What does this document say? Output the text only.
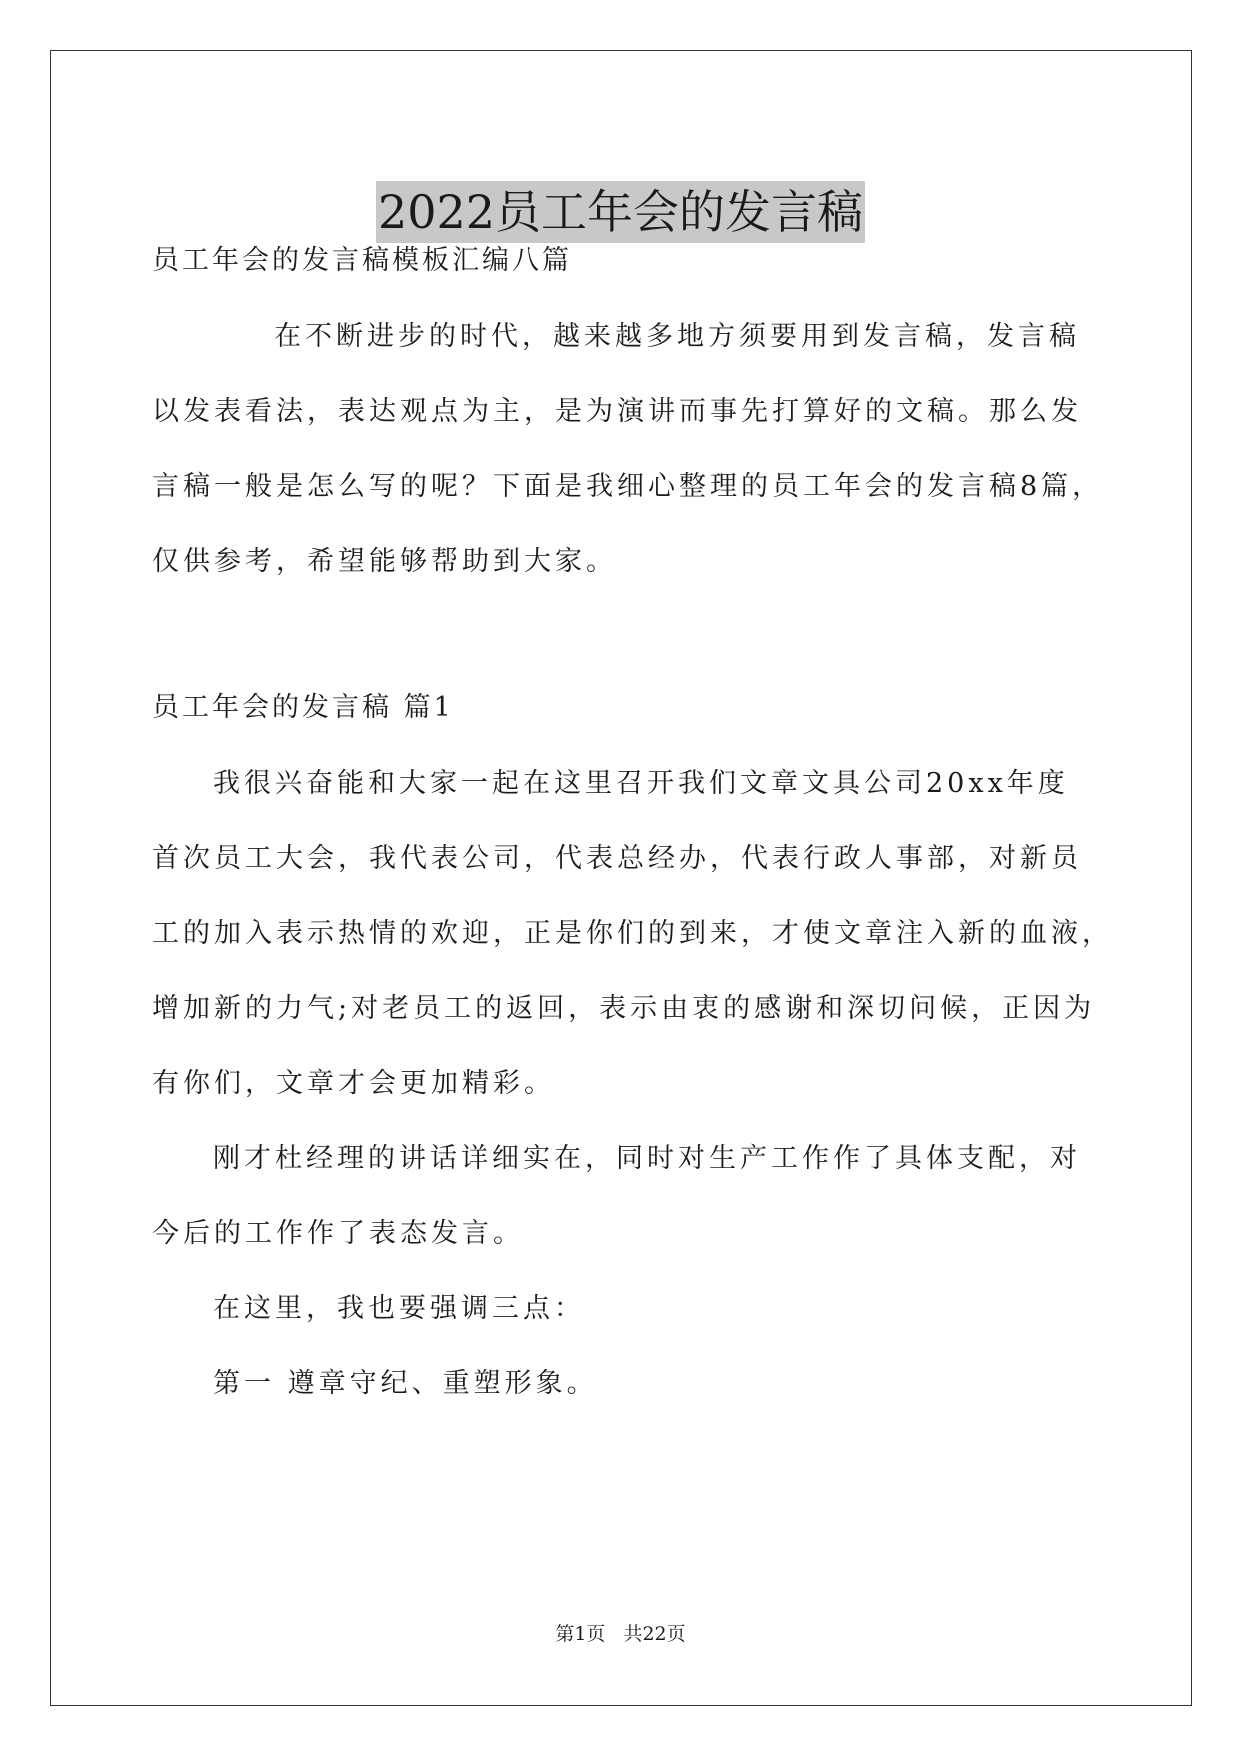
2022员工年会的发言稿
员工年会的发言稿模板汇编八篇
在不断进步的时代，越来越多地方须要用到发言稿，发言稿
以发表看法，表达观点为主，是为演讲而事先打算好的文稿。那么发
言稿一般是怎么写的呢？下面是我细心整理的员工年会的发言稿8篇，
仅供参考，希望能够帮助到大家。
员工年会的发言稿 篇1
我很兴奋能和大家一起在这里召开我们文章文具公司20xx年度
首次员工大会，我代表公司，代表总经办，代表行政人事部，对新员
工的加入表示热情的欢迎，正是你们的到来，才使文章注入新的血液，
增加新的力气;对老员工的返回，表示由衷的感谢和深切问候，正因为
有你们，文章才会更加精彩。
刚才杜经理的讲话详细实在，同时对生产工作作了具体支配，对
今后的工作作了表态发言。
在这里，我也要强调三点：
第一 遵章守纪、重塑形象。
第1页 共22页
